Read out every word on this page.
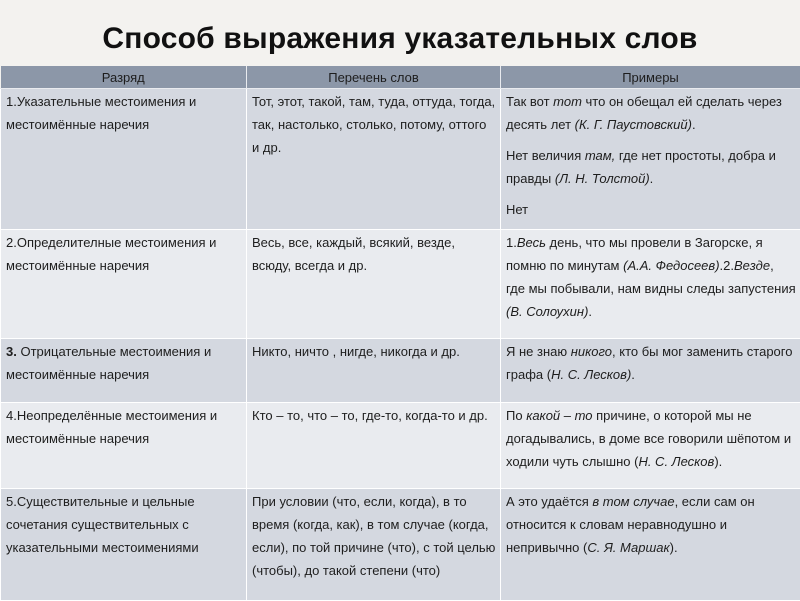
Способ выражения указательных слов
Разряд	Перечень слов	Примеры
1.Указательные местоимения и местоимённые наречия	Тот, этот, такой, там, туда, оттуда, тогда, так, настолько, столько, потому, оттого и др.	Так вот тот что он обещал ей сделать через десять лет (К. Г. Паустовский).

Нет величия там, где нет простоты, добра и правды (Л. Н. Толстой).

Нет

2.Определителные местоимения и местоимённые наречия	Весь, все, каждый, всякий, везде, всюду, всегда и др.	1.Весь день, что мы провели в Загорске, я помню по минутам (А.А. Федосеев).2.Везде, где мы побывали, нам видны следы запустения (В. Солоухин).
3. Отрицательные местоимения и местоимённые наречия	Никто, ничто , нигде, никогда и др.	Я не знаю никого, кто бы мог заменить старого графа (Н. С. Лесков).
4.Неопределённые местоимения и местоимённые наречия	Кто – то, что – то, где-то, когда-то и др.	По какой – то причине, о которой мы не догадывались, в доме все говорили шёпотом и ходили чуть слышно (Н. С. Лесков).
5.Существительные и цельные сочетания существительных с указательными местоимениями	При условии (что, если, когда), в то время (когда, как), в том случае (когда, если), по той причине (что), с той целью (чтобы), до такой степени (что)	А это удаётся в том случае, если сам он относится к словам неравнодушно и непривычно (С. Я. Маршак).
